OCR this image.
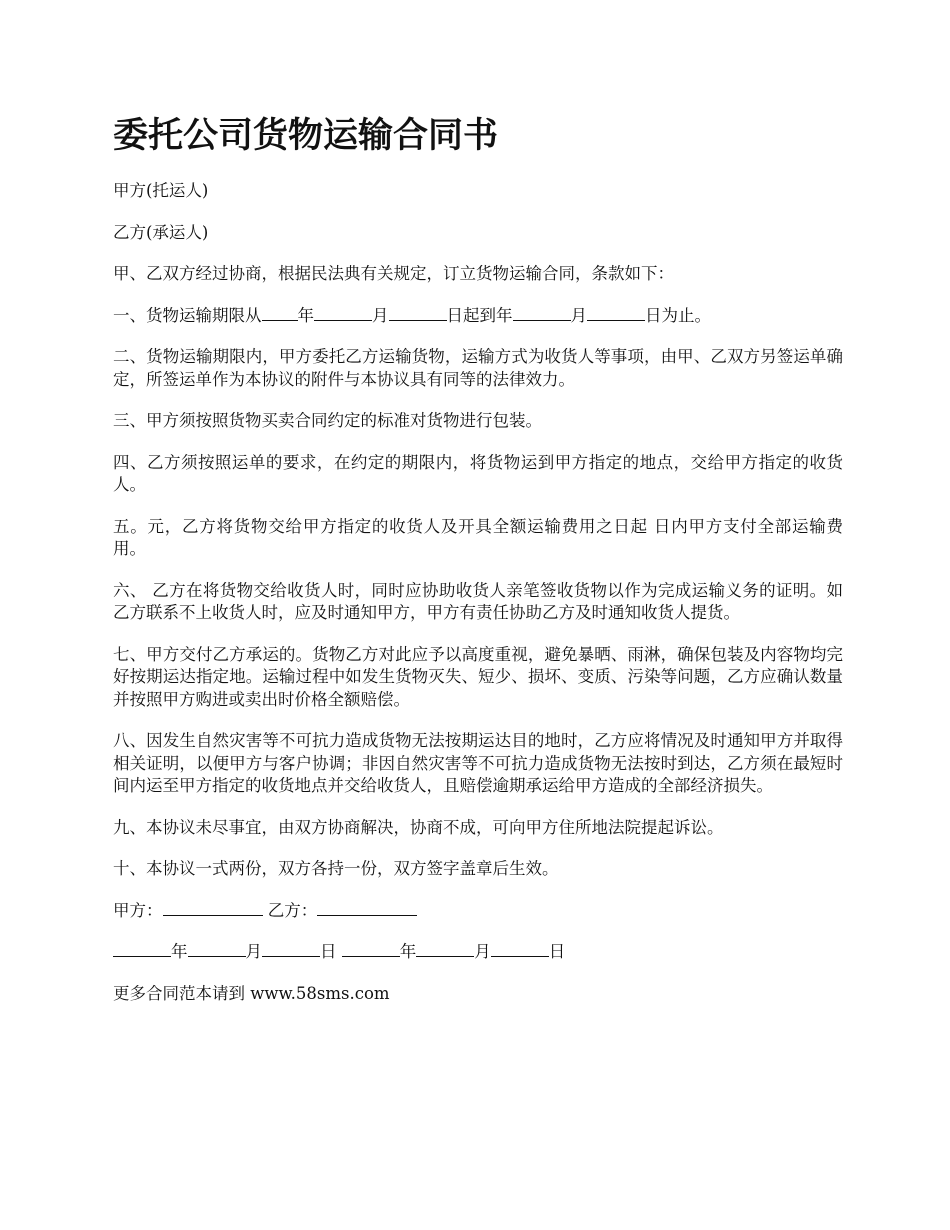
委托公司货物运输合同书

甲方(托运人)

乙方(承运人)

甲、乙双方经过协商，根据民法典有关规定，订立货物运输合同，条款如下：

一、货物运输期限从 年	月	日起到年	月	日为止。

二、货物运输期限内，甲方委托乙方运输货物，运输方式为收货人等事项，由甲、乙双方另签运单确定，所签运单作为本协议的附件与本协议具有同等的法律效力。

三、甲方须按照货物买卖合同约定的标准对货物进行包装。

四、乙方须按照运单的要求，在约定的期限内，将货物运到甲方指定的地点，交给甲方指定的收货人。

五。元，乙方将货物交给甲方指定的收货人及开具全额运输费用之日起 日内甲方支付全部运输费用。

六、 乙方在将货物交给收货人时，同时应协助收货人亲笔签收货物以作为完成运输义务的证明。如乙方联系不上收货人时，应及时通知甲方，甲方有责任协助乙方及时通知收货人提货。

七、甲方交付乙方承运的。货物乙方对此应予以高度重视，避免暴晒、雨淋，确保包装及内容物均完好按期运达指定地。运输过程中如发生货物灭失、短少、损坏、变质、污染等问题，乙方应确认数量并按照甲方购进或卖出时价格全额赔偿。

八、因发生自然灾害等不可抗力造成货物无法按期运达目的地时，乙方应将情况及时通知甲方并取得相关证明，以便甲方与客户协调；非因自然灾害等不可抗力造成货物无法按时到达，乙方须在最短时间内运至甲方指定的收货地点并交给收货人，且赔偿逾期承运给甲方造成的全部经济损失。

九、本协议未尽事宜，由双方协商解决，协商不成，可向甲方住所地法院提起诉讼。

十、本协议一式两份，双方各持一份，双方签字盖章后生效。

甲方：	乙方：

年	月	日	年	月	日

更多合同范本请到 www.58sms.com
